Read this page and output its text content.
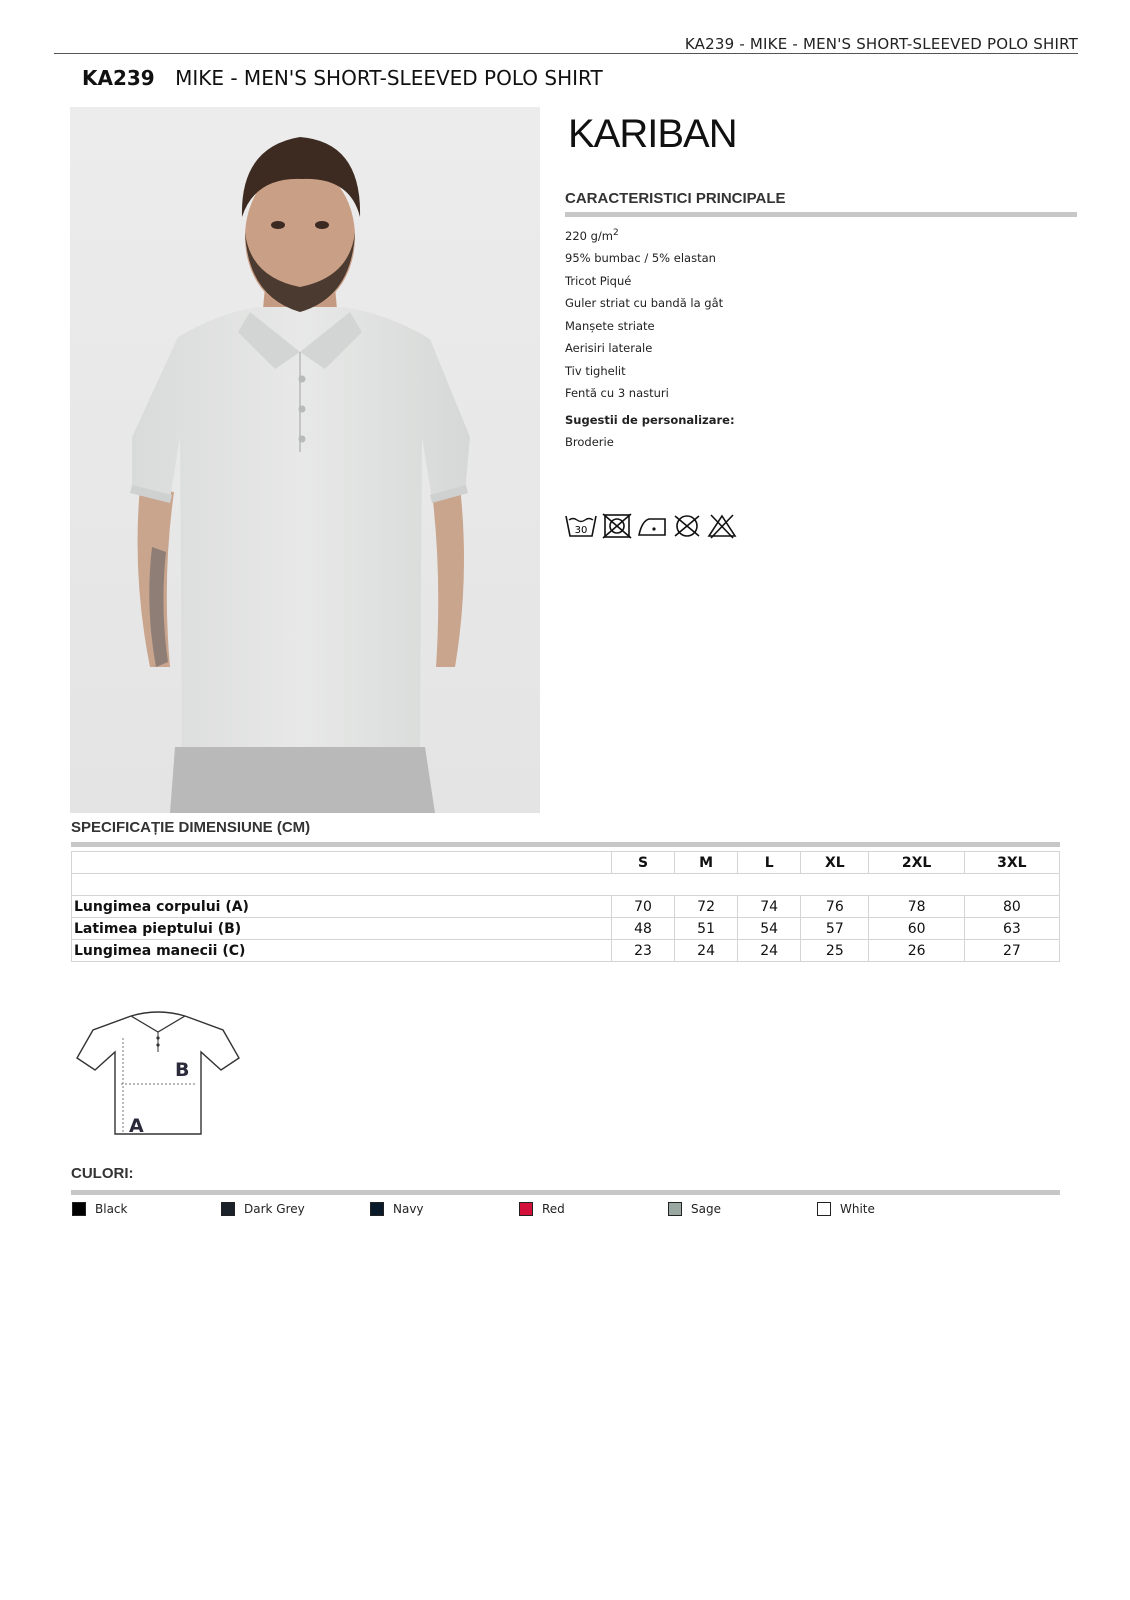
KA239 - MIKE - MEN'S SHORT-SLEEVED POLO SHIRT
KA239 MIKE - MEN'S SHORT-SLEEVED POLO SHIRT
KARIBAN
CARACTERISTICI PRINCIPALE
220 $g/m^2$
95% bumbac / 5% elastan
Tricot Piqué
Guler striat cu bandă la gât
Manșete striate
Aerisiri laterale
Tiv tighelit
Fentă cu 3 nasturi
Sugestii de personalizare:
Broderie
30
SPECIFICAȚIE DIMENSIUNE (CM)
	S	M	L	XL	2XL	3XL

Lungimea corpului (A)	70	72	74	76	78	80
Latimea pieptului (B)	48	51	54	57	60	63
Lungimea manecii (C)	23	24	24	25	26	27
B
A
CULORI:
Black	Dark Grey	Navy	Red	Sage	White
